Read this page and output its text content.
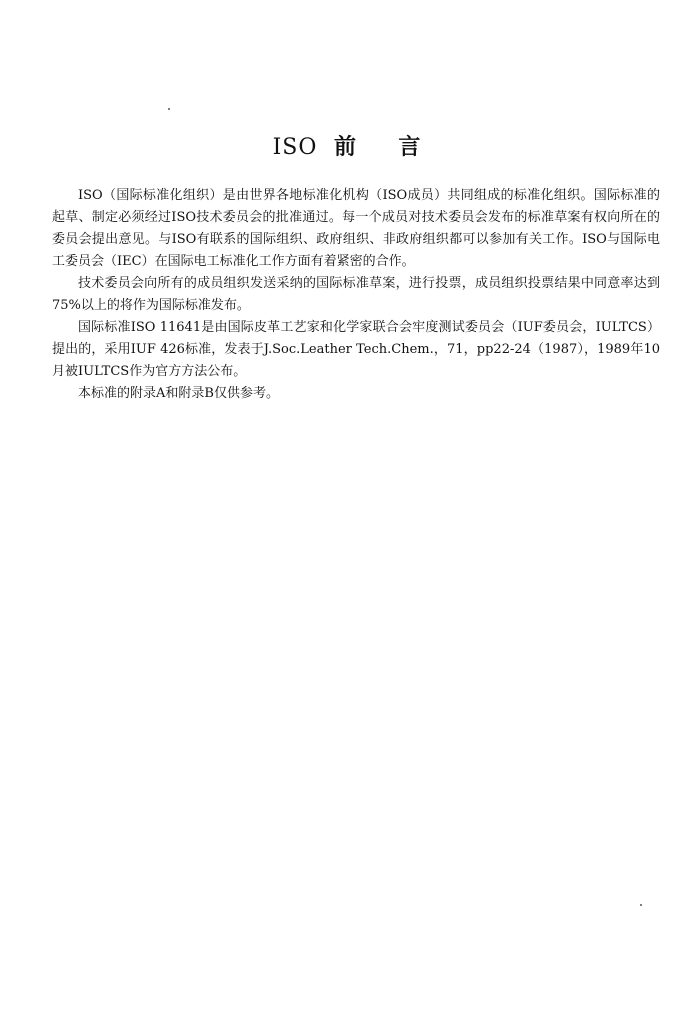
ISO 前 言

ISO（国际标准化组织）是由世界各地标准化机构（ISO成员）共同组成的标准化组织。国际标准的起草、制定必须经过ISO技术委员会的批准通过。每一个成员对技术委员会发布的标准草案有权向所在的委员会提出意见。与ISO有联系的国际组织、政府组织、非政府组织都可以参加有关工作。ISO与国际电工委员会（IEC）在国际电工标准化工作方面有着紧密的合作。

技术委员会向所有的成员组织发送采纳的国际标准草案，进行投票，成员组织投票结果中同意率达到75%以上的将作为国际标准发布。

国际标准ISO 11641是由国际皮革工艺家和化学家联合会牢度测试委员会（IUF委员会，IULTCS）提出的，采用IUF 426标准，发表于J.Soc.Leather Tech.Chem.，71，pp22-24（1987），1989年10月被IULTCS作为官方方法公布。

本标准的附录A和附录B仅供参考。
